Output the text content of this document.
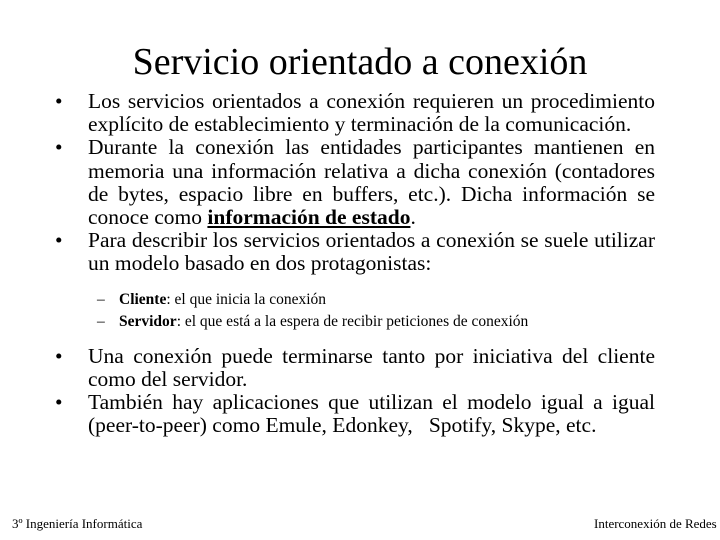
Servicio orientado a conexión
• Los servicios orientados a conexión requieren un procedimiento explícito de establecimiento y terminación de la comunicación.
• Durante la conexión las entidades participantes mantienen en memoria una información relativa a dicha conexión (contadores de bytes, espacio libre en buffers, etc.). Dicha información se conoce como información de estado.
• Para describir los servicios orientados a conexión se suele utilizar un modelo basado en dos protagonistas:
– Cliente: el que inicia la conexión
– Servidor: el que está a la espera de recibir peticiones de conexión
• Una conexión puede terminarse tanto por iniciativa del cliente como del servidor.
• También hay aplicaciones que utilizan el modelo igual a igual (peer-to-peer) como Emule, Edonkey,   Spotify, Skype, etc.
3º Ingeniería Informática	Interconexión de Redes
